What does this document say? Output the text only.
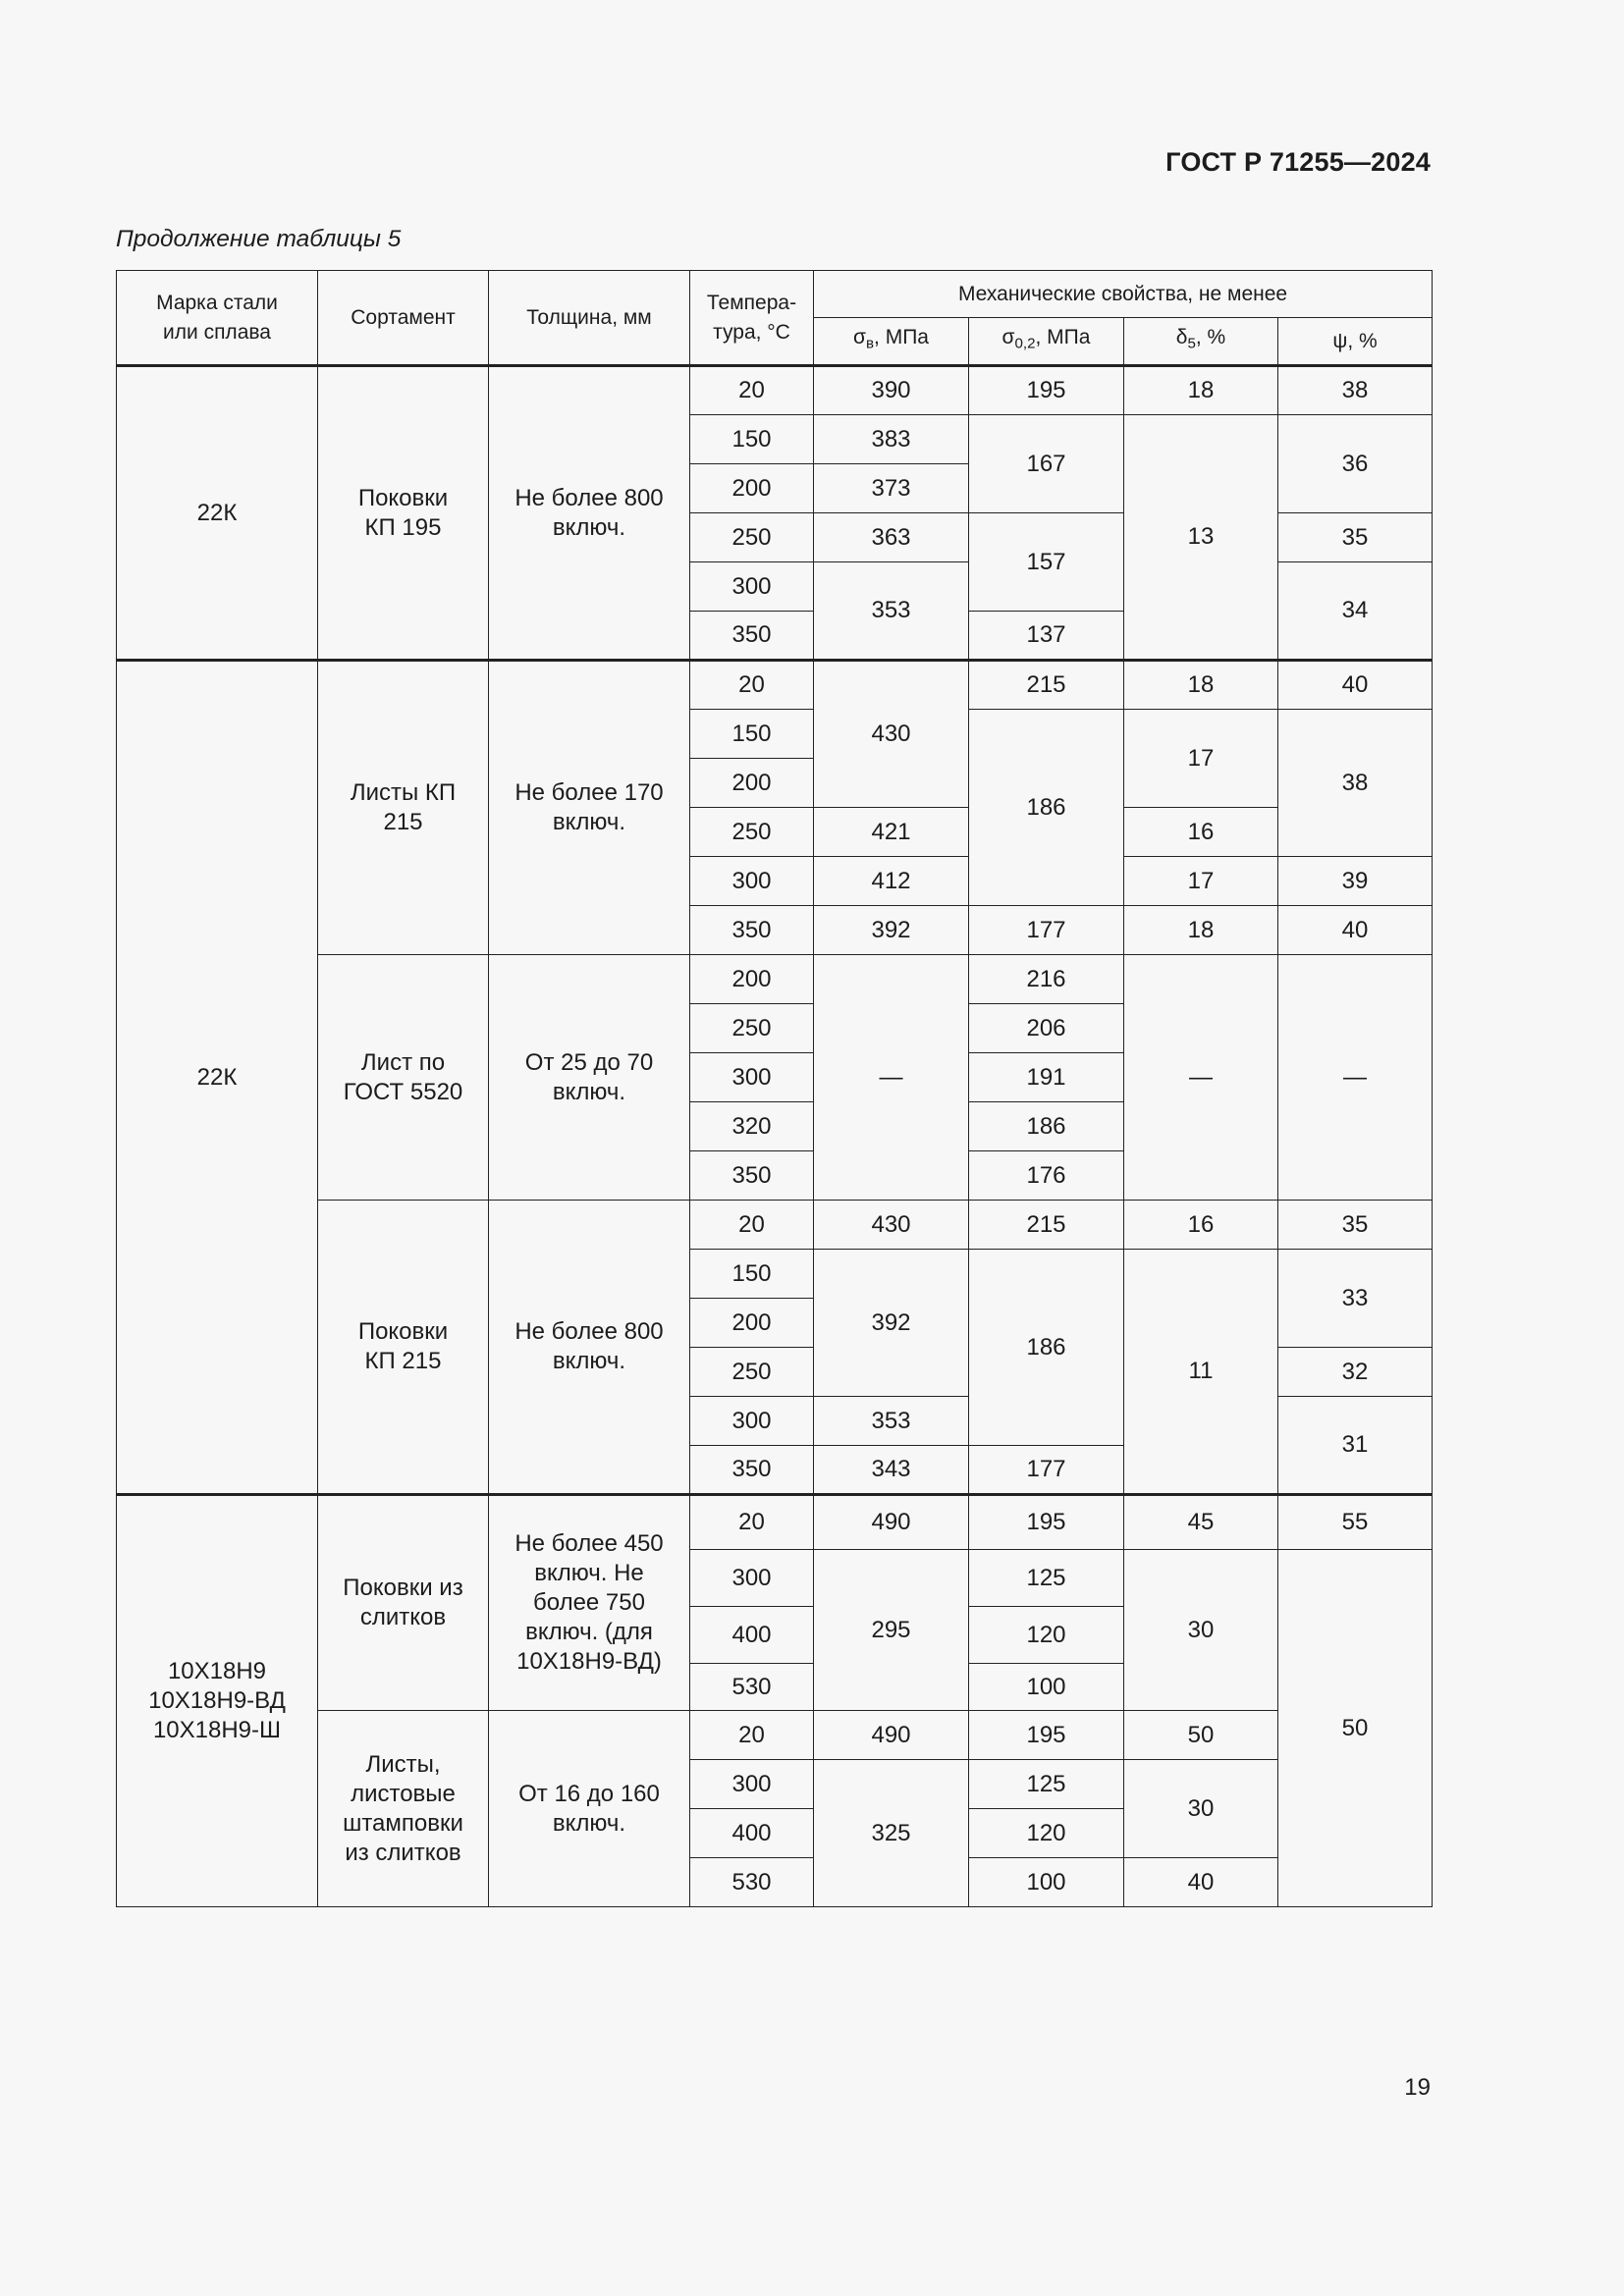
ГОСТ Р 71255—2024
Продолжение таблицы 5
Марка стали или сплава	Сортамент	Толщина, мм	Темпера-тура, °С	Механические свойства, не менее			
				$\sigma_в$, МПа	$\sigma_{0,2}$, МПа	$\delta_5$, %	ψ, %
22К	Поковки КП 195	Не более 800 включ.	20	390	195	18	38
			150	383	167	13	36
			200	373			
			250	363	157		35
			300	353			34
			350		137		
22К	Листы КП 215	Не более 170 включ.	20	430	215	18	40
			150		186	17	38
			200				
			250	421		16	
			300	412		17	39
			350	392	177	18	40
	Лист по ГОСТ 5520	От 25 до 70 включ.	200	—	216	—	—
			250		206		
			300		191		
			320		186		
			350		176		
	Поковки КП 215	Не более 800 включ.	20	430	215	16	35
			150	392	186	11	33
			200				
			250				32
			300	353			31
			350	343	177		
10Х18Н9 10Х18Н9-ВД 10Х18Н9-Ш	Поковки из слитков	Не более 450 включ. Не более 750 включ. (для 10Х18Н9-ВД)	20	490	195	45	55
			300	295	125	30	50
			400		120		
			530		100		
	Листы, листовые штамповки из слитков	От 16 до 160 включ.	20	490	195	50	
			300	325	125	30	
			400		120		
			530		100	40	
19
